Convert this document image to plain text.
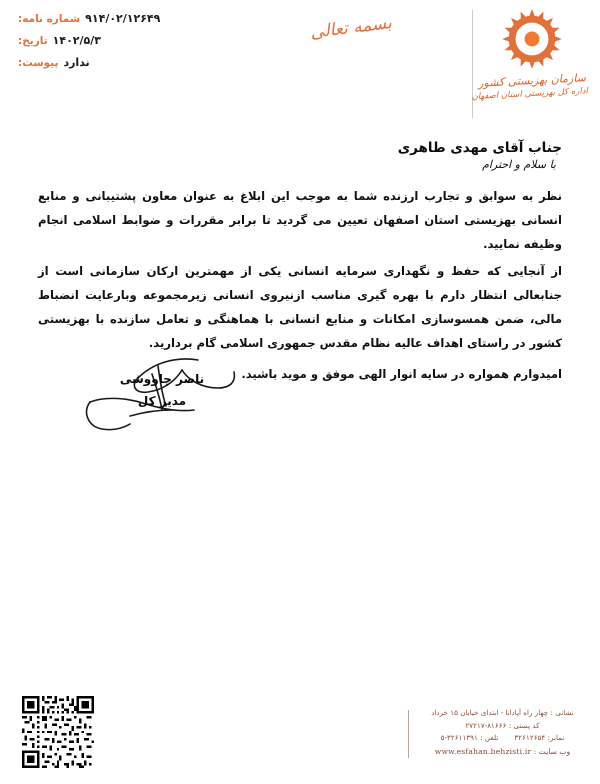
شماره نامه: ۹۱۴/۰۲/۱۲۶۴۹
تاریخ: ۱۴۰۲/۵/۳
پیوست: ندارد
بسمه تعالی
سازمان بهزیستی کشور
اداره کل بهزیستی استان اصفهان
جناب آقای مهدی طاهری
با سلام و احترام

نظر به سوابق و تجارب ارزنده شما به موجب این ابلاغ به عنوان معاون پشتیبانی و منابع انسانی بهزیستی استان اصفهان تعیین می گردید تا برابر مقررات و ضوابط اسلامی انجام وظیفه نمایید.

از آنجایی که حفظ و نگهداری سرمایه انسانی یکی از مهمترین ارکان سازمانی است از جنابعالی انتظار دارم با بهره گیری مناسب ازنیروی انسانی زیرمجموعه وبارعایت انضباط مالی، ضمن همسوسازی امکانات و منابع انسانی با هماهنگی و تعامل سازنده با بهزیستی کشور در راستای اهداف عالیه نظام مقدس جمهوری اسلامی گام بردارید.

امیدوارم همواره در سایه انوار الهی موفق و موید باشید.

ناصر چاووشی
مدیر کل
نشانی : چهار راه آپادانا - ابتدای خیابان ۱۵ خرداد
کد پستی : ۸۱۶۶۶-۲۷۲۱۷
نمابر: ۳۲۶۱۲۶۵۴
تلفن : ۳۲۶۱۱۳۹۱-۵
وب سایت : www.esfahan.behzisti.ir
